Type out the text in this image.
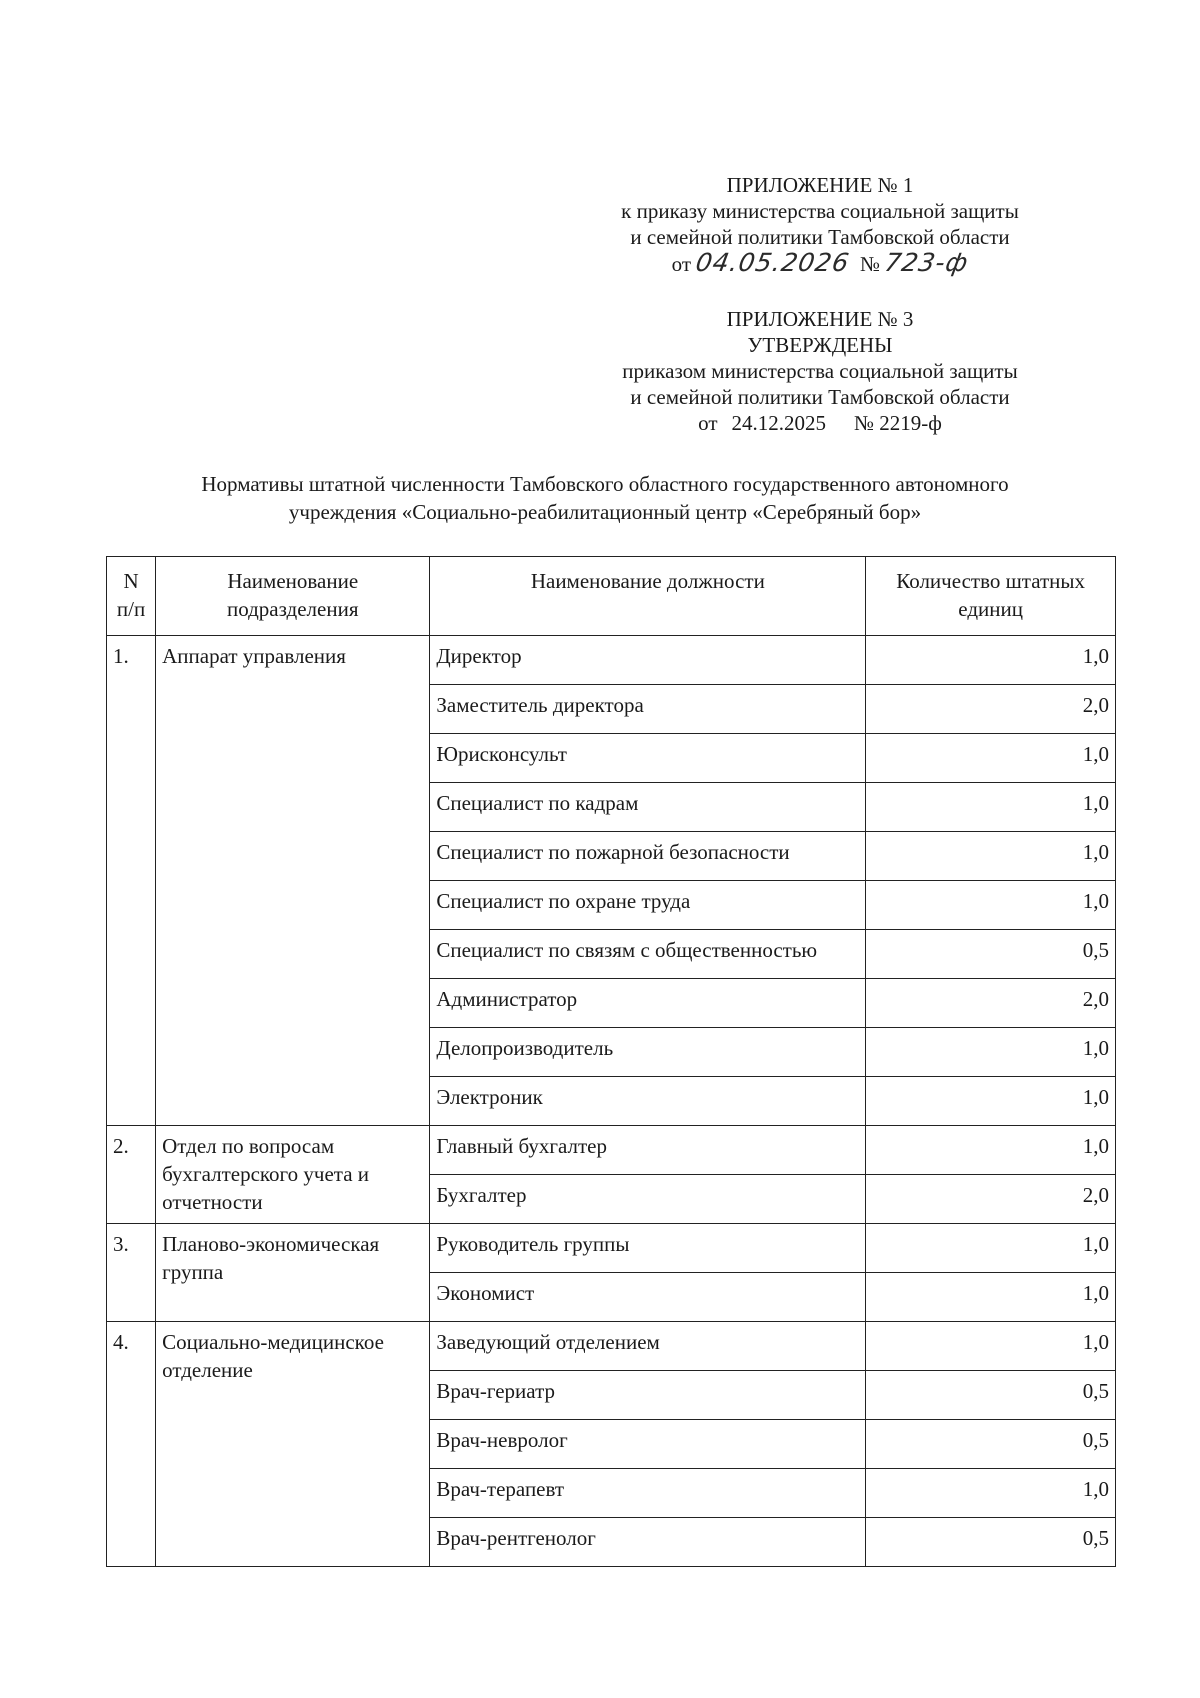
ПРИЛОЖЕНИЕ № 1
к приказу министерства социальной защиты
и семейной политики Тамбовской области
от
04.05.2026
№
723-ф
ПРИЛОЖЕНИЕ № 3
УТВЕРЖДЕНЫ
приказом министерства социальной защиты
и семейной политики Тамбовской области
от 24.12.2025 № 2219-ф
Нормативы штатной численности Тамбовского областного государственного автономного
учреждения «Социально-реабилитационный центр «Серебряный бор»
N п/п	Наименование подразделения	Наименование должности	Количество штатных единиц
1.	Аппарат управления	Директор	1,0
		Заместитель директора	2,0
		Юрисконсульт	1,0
		Специалист по кадрам	1,0
		Специалист по пожарной безопасности	1,0
		Специалист по охране труда	1,0
		Специалист по связям с общественностью	0,5
		Администратор	2,0
		Делопроизводитель	1,0
		Электроник	1,0
2.	Отдел по вопросам бухгалтерского учета и отчетности	Главный бухгалтер	1,0
		Бухгалтер	2,0
3.	Планово-экономическая группа	Руководитель группы	1,0
		Экономист	1,0
4.	Социально-медицинское отделение	Заведующий отделением	1,0
		Врач-гериатр	0,5
		Врач-невролог	0,5
		Врач-терапевт	1,0
		Врач-рентгенолог	0,5
